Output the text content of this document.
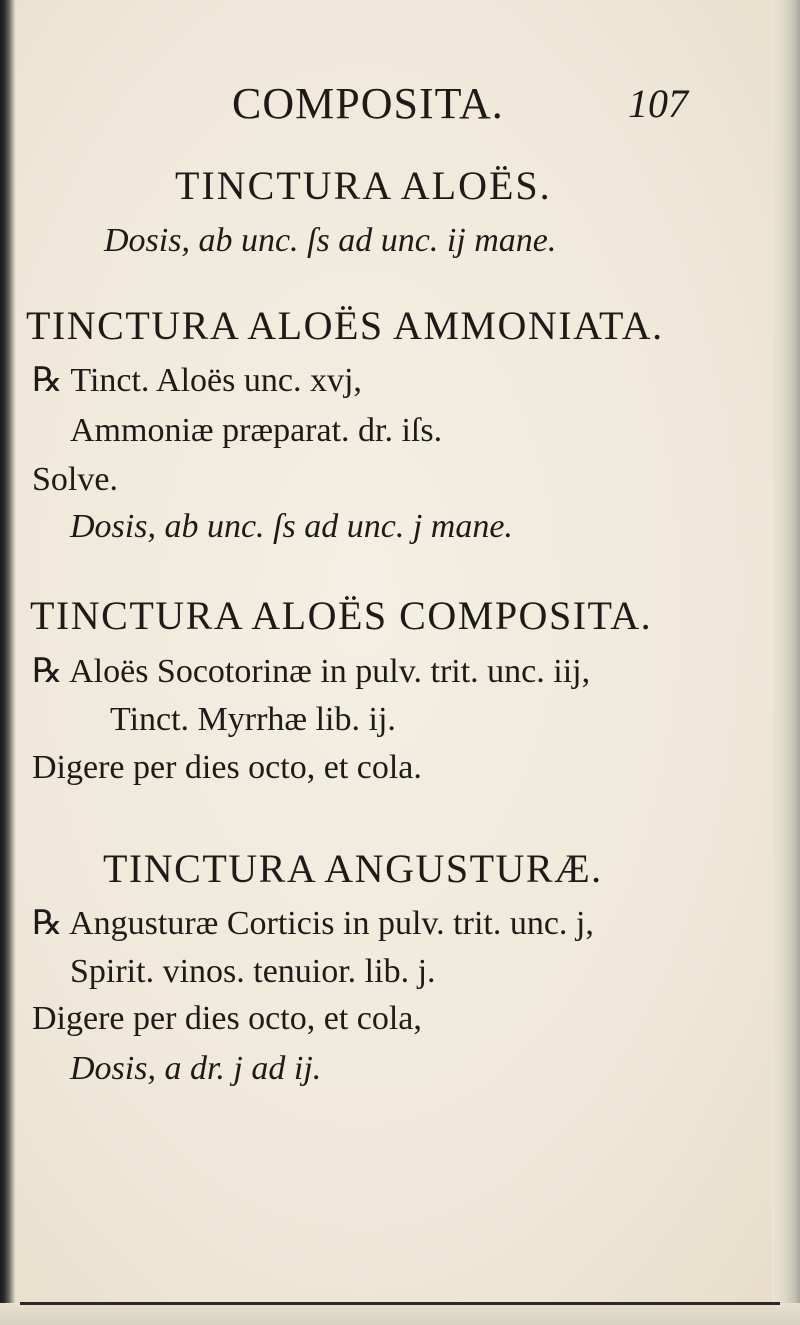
COMPOSITA.	107
TINCTURA ALOËS.
Dosis, ab unc. ſs ad unc. ij mane.
TINCTURA ALOËS AMMONIATA.
℞ Tinct. Aloës unc. xvj,
Ammoniæ præparat. dr. iſs.
Solve.
Dosis, ab unc. ſs ad unc. j mane.
TINCTURA ALOËS COMPOSITA.
℞ Aloës Socotorinæ in pulv. trit. unc. iij,
Tinct. Myrrhæ lib. ij.
Digere per dies octo, et cola.
TINCTURA ANGUSTURÆ.
℞ Angusturæ Corticis in pulv. trit. unc. j,
Spirit. vinos. tenuior. lib. j.
Digere per dies octo, et cola,
Dosis, a dr. j ad ij.
